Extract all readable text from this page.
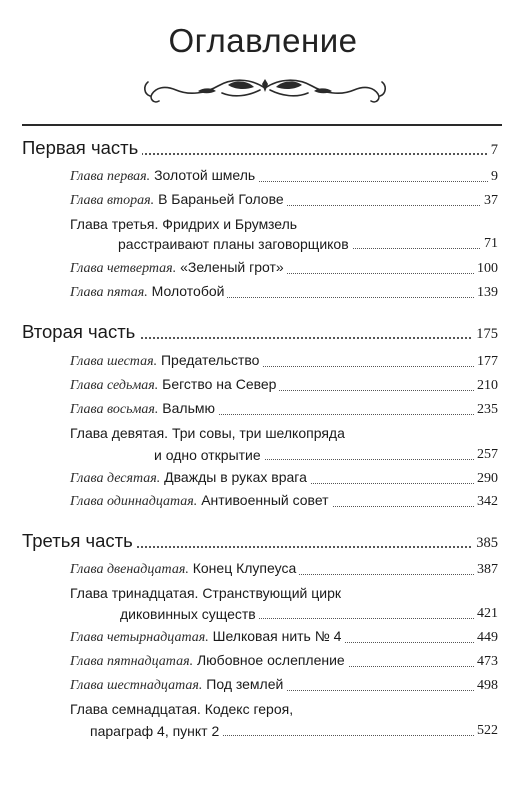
Оглавление
Первая часть	7
Глава первая. Золотой шмель	9
Глава вторая. В Бараньей Голове	37
Глава третья. Фридрих и Брумзель
расстраивают планы заговорщиков	71
Глава четвертая. «Зеленый грот»	100
Глава пятая. Молотобой	139
Вторая часть	175
Глава шестая. Предательство	177
Глава седьмая. Бегство на Север	210
Глава восьмая. Вальмю	235
Глава девятая. Три совы, три шелкопряда
и одно открытие	257
Глава десятая. Дважды в руках врага	290
Глава одиннадцатая. Антивоенный совет	342
Третья часть	385
Глава двенадцатая. Конец Клупеуса	387
Глава тринадцатая. Странствующий цирк
диковинных существ	421
Глава четырнадцатая. Шелковая нить № 4	449
Глава пятнадцатая. Любовное ослепление	473
Глава шестнадцатая. Под землей	498
Глава семнадцатая. Кодекс героя,
параграф 4, пункт 2	522
